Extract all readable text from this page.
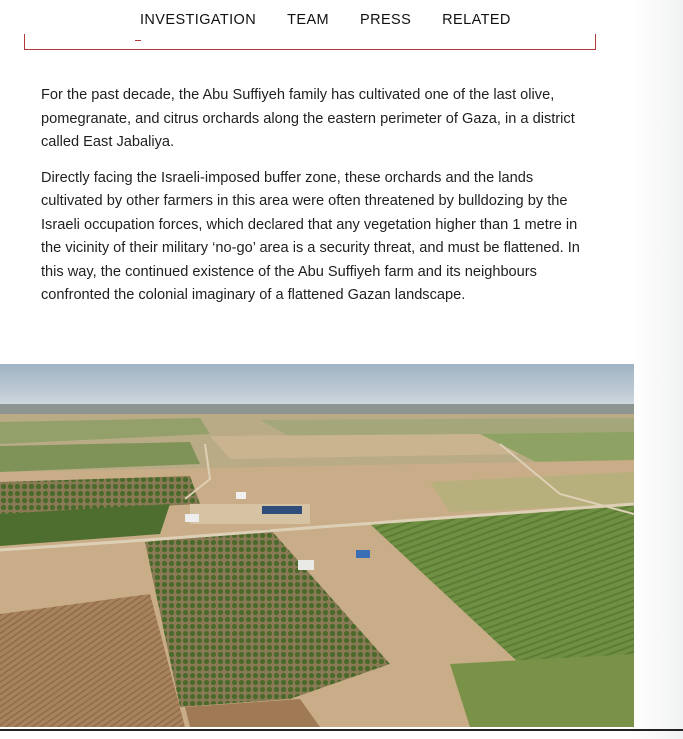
INVESTIGATION TEAM PRESS RELATED

For the past decade, the Abu Suffiyeh family has cultivated one of the last olive, pomegranate, and citrus orchards along the eastern perimeter of Gaza, in a district called East Jabaliya.

Directly facing the Israeli-imposed buffer zone, these orchards and the lands cultivated by other farmers in this area were often threatened by bulldozing by the Israeli occupation forces, which declared that any vegetation higher than 1 metre in the vicinity of their military ‘no-go’ area is a security threat, and must be flattened. In this way, the continued existence of the Abu Suffiyeh farm and its neighbours confronted the colonial imaginary of a flattened Gazan landscape.
